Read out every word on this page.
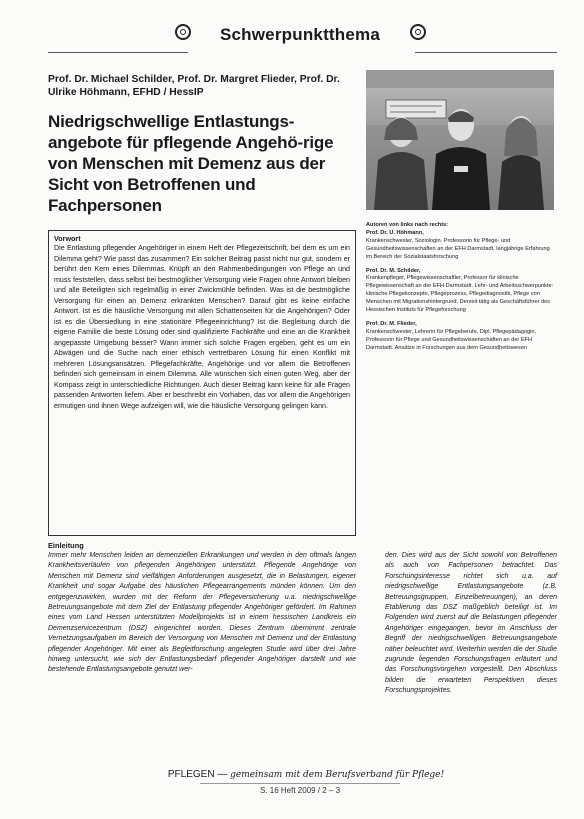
Schwerpunktthema
Prof. Dr. Michael Schilder, Prof. Dr. Margret Flieder, Prof. Dr. Ulrike Höhmann, EFHD / HessIP
Niedrigschwellige Entlastungs-angebote für pflegende Angehö-rige von Menschen mit Demenz aus der Sicht von Betroffenen und Fachpersonen
Autoren von links nach rechts:
Prof. Dr. U. Höhmann,
Krankenschwester, Soziologin. Professorin für Pflege- und Gesundheitswissenschaften an der EFH Darmstadt, langjährige Erfahrung im Bereich der Sozialstaatsforschung
Prof. Dr. M. Schilder,
Krankenpfleger, Pflegewissenschaftler, Professor für klinische Pflegewissenschaft an der EFH Darmstadt. Lehr- und Arbeitsschwerpunkte: klinische Pflegekonzepte, Pflegeprozess, Pflegediagnostik, Pflege von Menschen mit Migrationshintergrund. Derzeit tätig als Geschäftsführer des Hessischen Instituts für Pflegeforschung
Prof. Dr. M. Flieder,
Krankenschwester, Lehrerin für Pflegeberufe, Dipl. Pflegepädagogin, Professorin für Pflege und Gesundheitswissenschaften an der EFH Darmstadt. Ansätze in Forschungen aus dem Gesundheitswesen
Vorwort
Die Entlastung pflegender Angehöriger in einem Heft der Pflegezeitschrift, bei dem es um ein Dilemma geht? Wie passt das zusammen? Ein solcher Beitrag passt nicht nur gut, sondern er berührt den Kern eines Dilemmas. Knüpft an den Rahmenbedingungen von Pflege an und muss feststellen, dass selbst bei bestmöglicher Versorgung viele Fragen ohne Antwort bleiben und alle Beteiligten sich regelmäßig in einer Zwickmühle befinden. Was ist die bestmögliche Versorgung für einen an Demenz erkrankten Menschen? Darauf gibt es keine einfache Antwort. Ist es die häusliche Versorgung mit allen Schattenseiten für die Angehörigen? Oder ist es die Übersiedlung in eine stationäre Pflegeeinrichtung? Ist die Begleitung durch die eigene Familie die beste Lösung oder sind qualifizierte Fachkräfte und eine an die Krankheit angepasste Umgebung besser? Wann immer sich solche Fragen ergeben, geht es um ein Abwägen und die Suche nach einer ethisch vertretbaren Lösung für einen Konflikt mit mehreren Lösungsansätzen. Pflegefachkräfte, Angehörige und vor allem die Betroffenen befinden sich gemeinsam in einem Dilemma. Alle wünschen sich einen guten Weg, aber der Kompass zeigt in unterschiedliche Richtungen. Auch dieser Beitrag kann keine für alle Fragen passenden Antworten liefern. Aber er beschreibt ein Vorhaben, das vor allem die Angehörigen ermutigen und ihnen Wege aufzeigen will, wie die häusliche Versorgung gelingen kann.
Einleitung
Immer mehr Menschen leiden an demenziellen Erkrankungen und werden in den oftmals langen Krankheitsverläufen von pflegenden Angehörigen unterstützt. Pflegende Angehörige von Menschen mit Demenz sind vielfältigen Anforderungen ausgesetzt, die in Belastungen, eigener Krankheit und sogar Aufgabe des häuslichen Pflegearrangements münden können. Um den entgegenzuwirken, wurden mit der Reform der Pflegeversicherung u.a. niedrigschwellige Betreuungsangebote mit dem Ziel der Entlastung pflegender Angehöriger gefördert. Im Rahmen eines vom Land Hessen unterstützten Modellprojekts ist in einem hessischen Landkreis ein Demenzservicezentrum (DSZ) eingerichtet worden. Dieses Zentrum übernimmt zentrale Vernetzungsaufgaben im Bereich der Versorgung von Menschen mit Demenz und der Entlastung pflegender Angehöriger. Mit einer als Begleitforschung angelegten Studie wird über drei Jahre hinweg untersucht, wie sich der Entlastungsbedarf pflegender Angehöriger darstellt und wie bestehende Entlastungsangebote genutzt wer-
den. Dies wird aus der Sicht sowohl von Betroffenen als auch von Fachpersonen betrachtet. Das Forschungsinteresse richtet sich u.a. auf niedrigschwellige Entlastungsangebote (z.B. Betreuungsgruppen, Einzelbetreuungen), an deren Etablierung das DSZ maßgeblich beteiligt ist. Im Folgenden wird zuerst auf die Belastungen pflegender Angehöriger eingegangen, bevor im Anschluss der Begriff der niedrigschwelligen Betreuungsangebote näher beleuchtet wird. Weiterhin werden die der Studie zugrunde liegenden Forschungsfragen erläutert und das Forschungsvorgehen vorgestellt. Den Abschluss bilden die erwarteten Perspektiven dieses Forschungsprojektes.
PFLEGEN — gemeinsam mit dem Berufsverband für Pflege!
S. 16 Heft 2009 / 2 – 3
